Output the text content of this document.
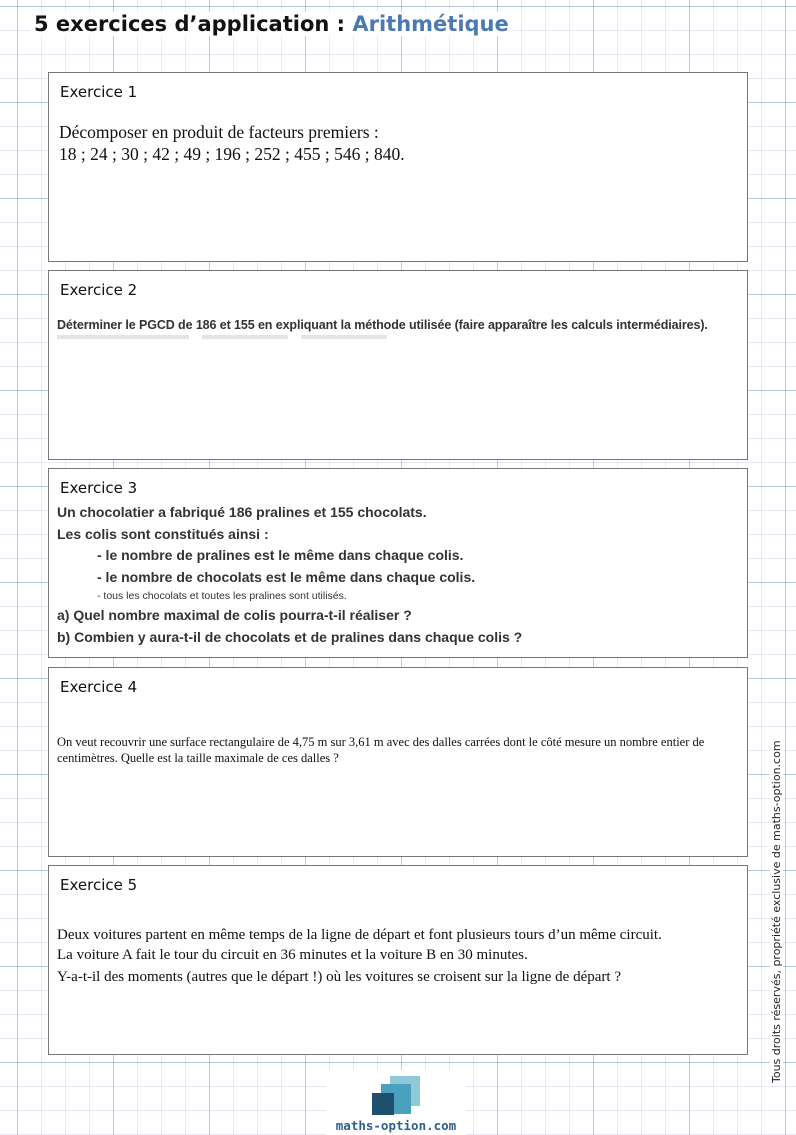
5 exercices d’application : Arithmétique
Exercice 1
Décomposer en produit de facteurs premiers :
18 ; 24 ; 30 ; 42 ; 49 ; 196 ; 252 ; 455 ; 546 ; 840.
Exercice 2
Déterminer le PGCD de 186 et 155 en expliquant la méthode utilisée (faire apparaître les calculs intermédiaires).
Exercice 3
Un chocolatier a fabriqué 186 pralines et 155 chocolats.
Les colis sont constitués ainsi :
- le nombre de pralines est le même dans chaque colis.
- le nombre de chocolats est le même dans chaque colis.
- tous les chocolats et toutes les pralines sont utilisés.
a) Quel nombre maximal de colis pourra-t-il réaliser ?
b) Combien y aura-t-il de chocolats et de pralines dans chaque colis ?
Exercice 4
On veut recouvrir une surface rectangulaire de 4,75 m sur 3,61 m avec des dalles carrées dont le côté mesure un nombre entier de centimètres. Quelle est la taille maximale de ces dalles ?
Exercice 5
Deux voitures partent en même temps de la ligne de départ et font plusieurs tours d’un même circuit.
La voiture A fait le tour du circuit en 36 minutes et la voiture B en 30 minutes.
Y-a-t-il des moments (autres que le départ !) où les voitures se croisent sur la ligne de départ ?	Tous droits réservés, propriété exclusive de maths-option.com
maths-option.com
